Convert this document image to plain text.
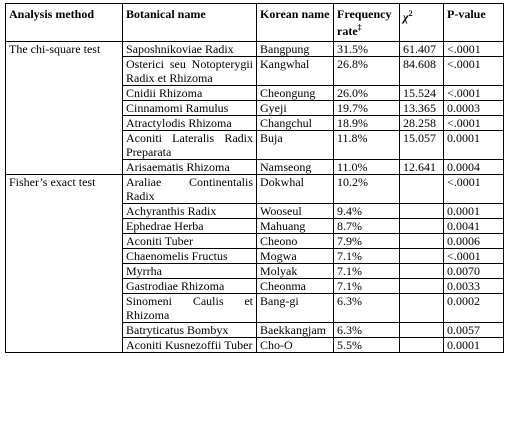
Analysis method	Botanical name	Korean name	Frequency rate‡	$\chi^2$	P-value
The chi-square test	Saposhnikoviae Radix	Bangpung	31.5%	61.407	<.0001
	Osterici seu Notopterygii Radix et Rhizoma	Kangwhal	26.8%	84.608	<.0001
	Cnidii Rhizoma	Cheongung	26.0%	15.524	<.0001
	Cinnamomi Ramulus	Gyeji	19.7%	13.365	0.0003
	Atractylodis Rhizoma	Changchul	18.9%	28.258	<.0001
	Aconiti Lateralis Radix Preparata	Buja	11.8%	15.057	0.0001
	Arisaematis Rhizoma	Namseong	11.0%	12.641	0.0004
Fisher’s exact test	Araliae Continentalis Radix	Dokwhal	10.2%		<.0001
	Achyranthis Radix	Wooseul	9.4%		0.0001
	Ephedrae Herba	Mahuang	8.7%		0.0041
	Aconiti Tuber	Cheono	7.9%		0.0006
	Chaenomelis Fructus	Mogwa	7.1%		<.0001
	Myrrha	Molyak	7.1%		0.0070
	Gastrodiae Rhizoma	Cheonma	7.1%		0.0033
	Sinomeni Caulis et Rhizoma	Bang-gi	6.3%		0.0002
	Batryticatus Bombyx	Baekkangjam	6.3%		0.0057
	Aconiti Kusnezoffii Tuber	Cho-O	5.5%		0.0001
